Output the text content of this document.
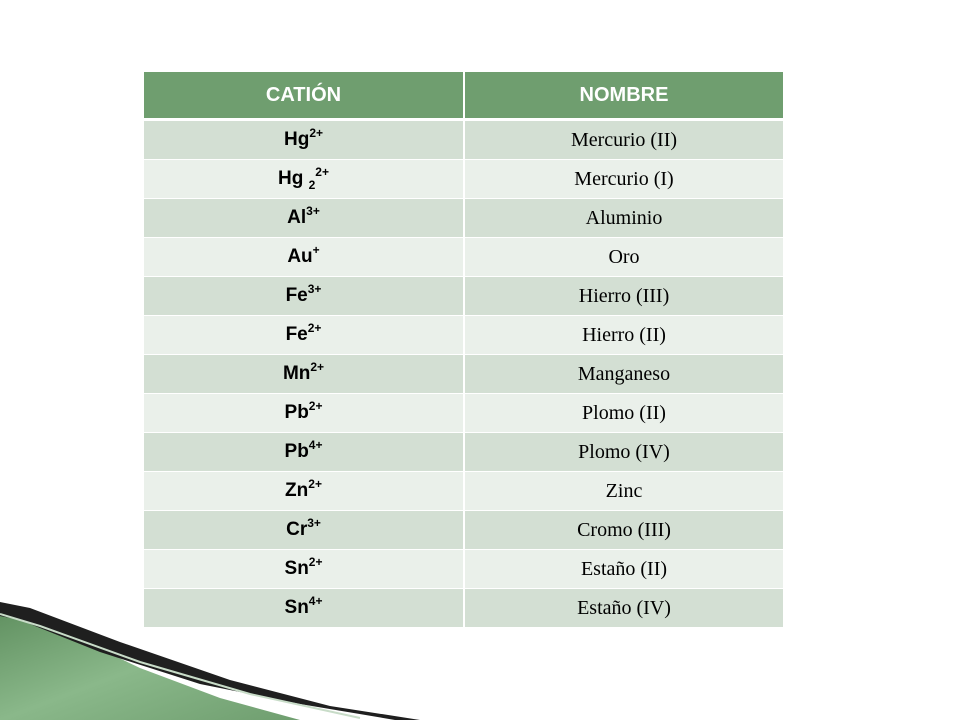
CATIÓN	NOMBRE
$Hg^{2+}$	Mercurio (II)
Hg $_2^{2+}$	Mercurio (I)
$Al^{3+}$	Aluminio
Au+	Oro
$Fe^{3+}$	Hierro (III)
$Fe^{2+}$	Hierro (II)
$Mn^{2+}$	Manganeso
$Pb^{2+}$	Plomo (II)
$Pb^{4+}$	Plomo (IV)
$Zn^{2+}$	Zinc
$Cr^{3+}$	Cromo (III)
$Sn^{2+}$	Estaño (II)
$Sn^{4+}$	Estaño (IV)
